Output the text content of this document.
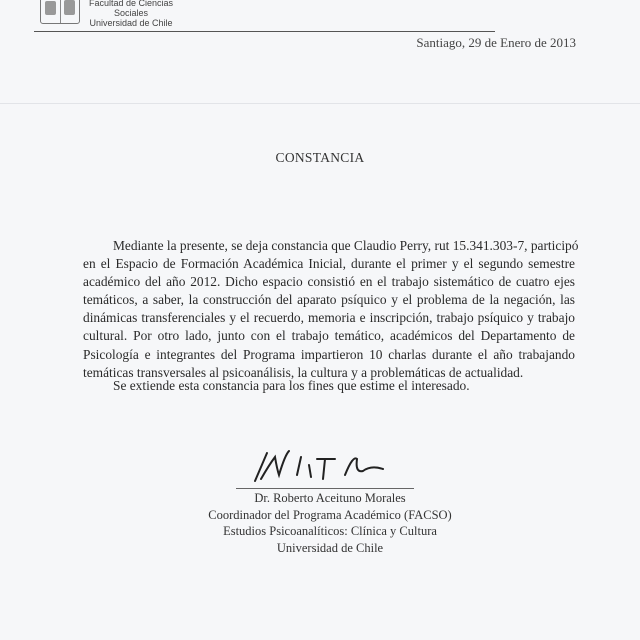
Facultad de Ciencias Sociales
Universidad de Chile
Santiago, 29 de Enero de 2013
CONSTANCIA
Mediante la presente, se deja constancia que Claudio Perry, rut 15.341.303-7, participó
en el Espacio de Formación Académica Inicial, durante el primer y el segundo semestre
académico del año 2012. Dicho espacio consistió en el trabajo sistemático de cuatro ejes
temáticos, a saber, la construcción del aparato psíquico y el problema de la negación, las
dinámicas transferenciales y el recuerdo, memoria e inscripción, trabajo psíquico y trabajo
cultural. Por otro lado, junto con el trabajo temático, académicos del Departamento de
Psicología e integrantes del Programa impartieron 10 charlas durante el año trabajando
temáticas transversales al psicoanálisis, la cultura y a problemáticas de actualidad.
Se extiende esta constancia para los fines que estime el interesado.
Dr. Roberto Aceituno Morales
Coordinador del Programa Académico (FACSO)
Estudios Psicoanalíticos: Clínica y Cultura
Universidad de Chile
